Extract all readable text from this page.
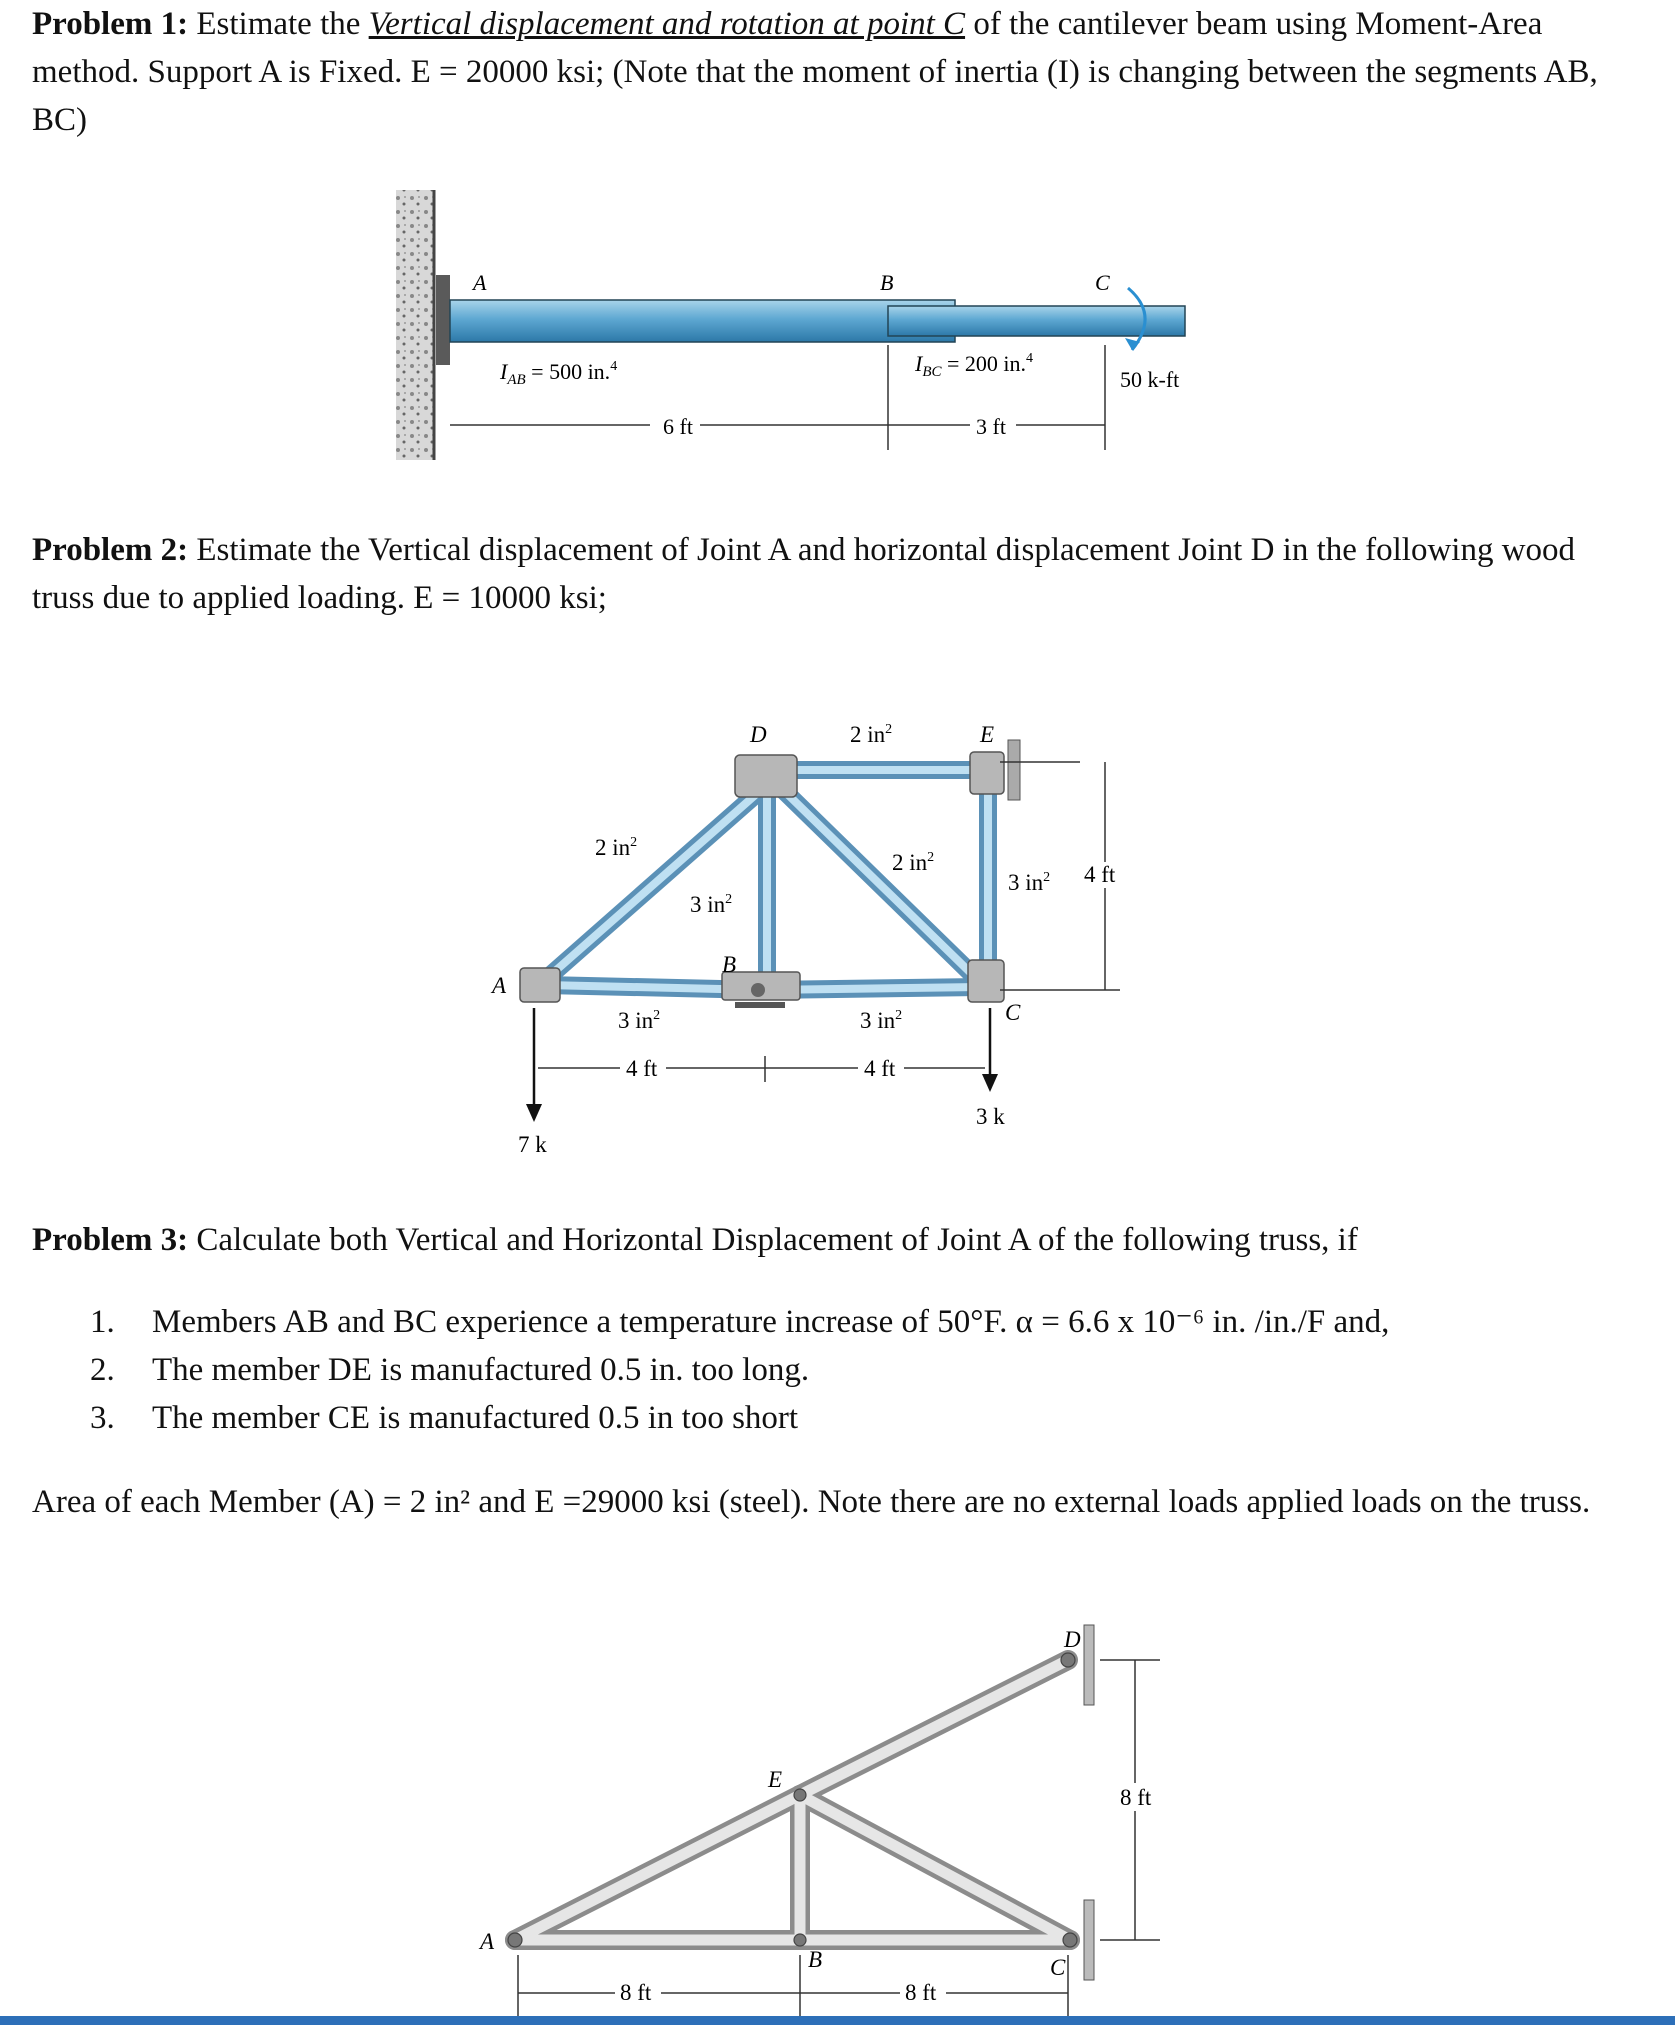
Problem 1: Estimate the Vertical displacement and rotation at point C of the cantilever beam using Moment-Area method. Support A is Fixed. E = 20000 ksi; (Note that the moment of inertia (I) is changing between the segments AB, BC)
A	B	C
$I_{AB} = 500$ in.$^4$	$I_{BC} = 200$ in.$^4$
50 k-ft
6 ft	3 ft
Problem 2: Estimate the Vertical displacement of Joint A and horizontal displacement Joint D in the following wood truss due to applied loading. E = 10000 ksi;
A
B
C
D	E
2 $in^2$
2 $in^2$
3 $in^2$
2 $in^2$
3 $in^2$
3 $in^2$	3 $in^2$
4 ft
4 ft	4 ft
7 k
3 k
Problem 3: Calculate both Vertical and Horizontal Displacement of Joint A of the following truss, if
1.	Members AB and BC experience a temperature increase of 50°F. α = 6.6 x 10⁻⁶ in. /in./F and,
2.	The member DE is manufactured 0.5 in. too long.
3.	The member CE is manufactured 0.5 in too short
Area of each Member (A) = 2 in² and E =29000 ksi (steel). Note there are no external loads applied loads on the truss.
A
B	C
D
E
8 ft	8 ft
8 ft
